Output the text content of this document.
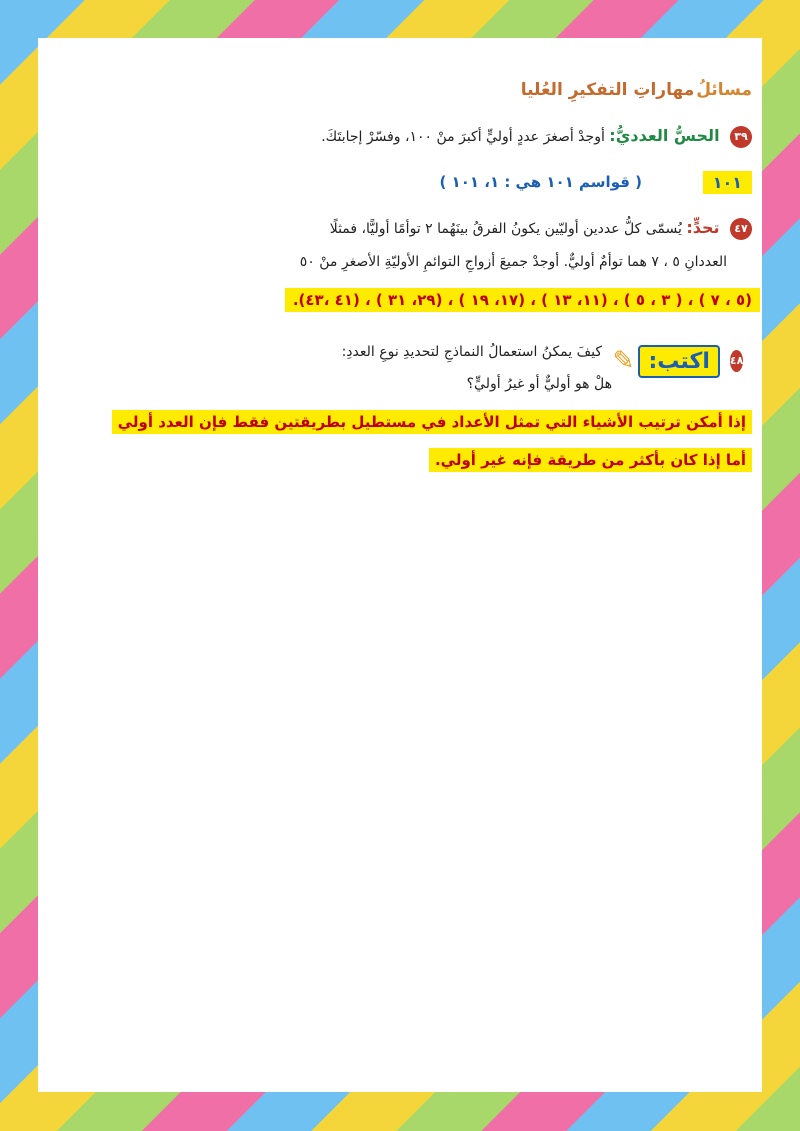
مسائلُ
مهاراتِ التفكيرِ العُليا
٣٩ الحسُّ العدديُّ: أوجدْ أصغرَ عددٍ أوليٍّ أكبرَ منْ ١٠٠، وفسّرْ إجابتَكَ.
١٠١
( قواسم ١٠١ هي : ١، ١٠١ )
٤٧ تحدٍّ: يُسمّى كلُّ عددين أوليّين يكونُ الفرقُ بينَهُما ٢ توأمًا أوليًّا، فمثلًا
العددانِ ٥ ، ٧ هما توأمٌ أوليٌّ. أوجدْ جميعَ أزواجِ التوائمِ الأوليّةِ الأصغرِ منْ ٥٠
(٥ ، ٧ ) ، ( ٣ ، ٥ ) ، (١١، ١٣ ) ، (١٧، ١٩ ) ، (٢٩، ٣١ ) ، (٤١ ،٤٣).
٤٨
اكتب:
✎
كيفَ يمكنُ استعمالُ النماذجِ لتحديدِ نوعِ العددِ:
هلْ هو أوليٌّ أو غيرُ أوليٍّ؟
إذا أمكن ترتيب الأشياء التي تمثل الأعداد في مستطيل بطريقتين فقط فإن العدد أولي
أما إذا كان بأكثر من طريقة فإنه غير أولي.
